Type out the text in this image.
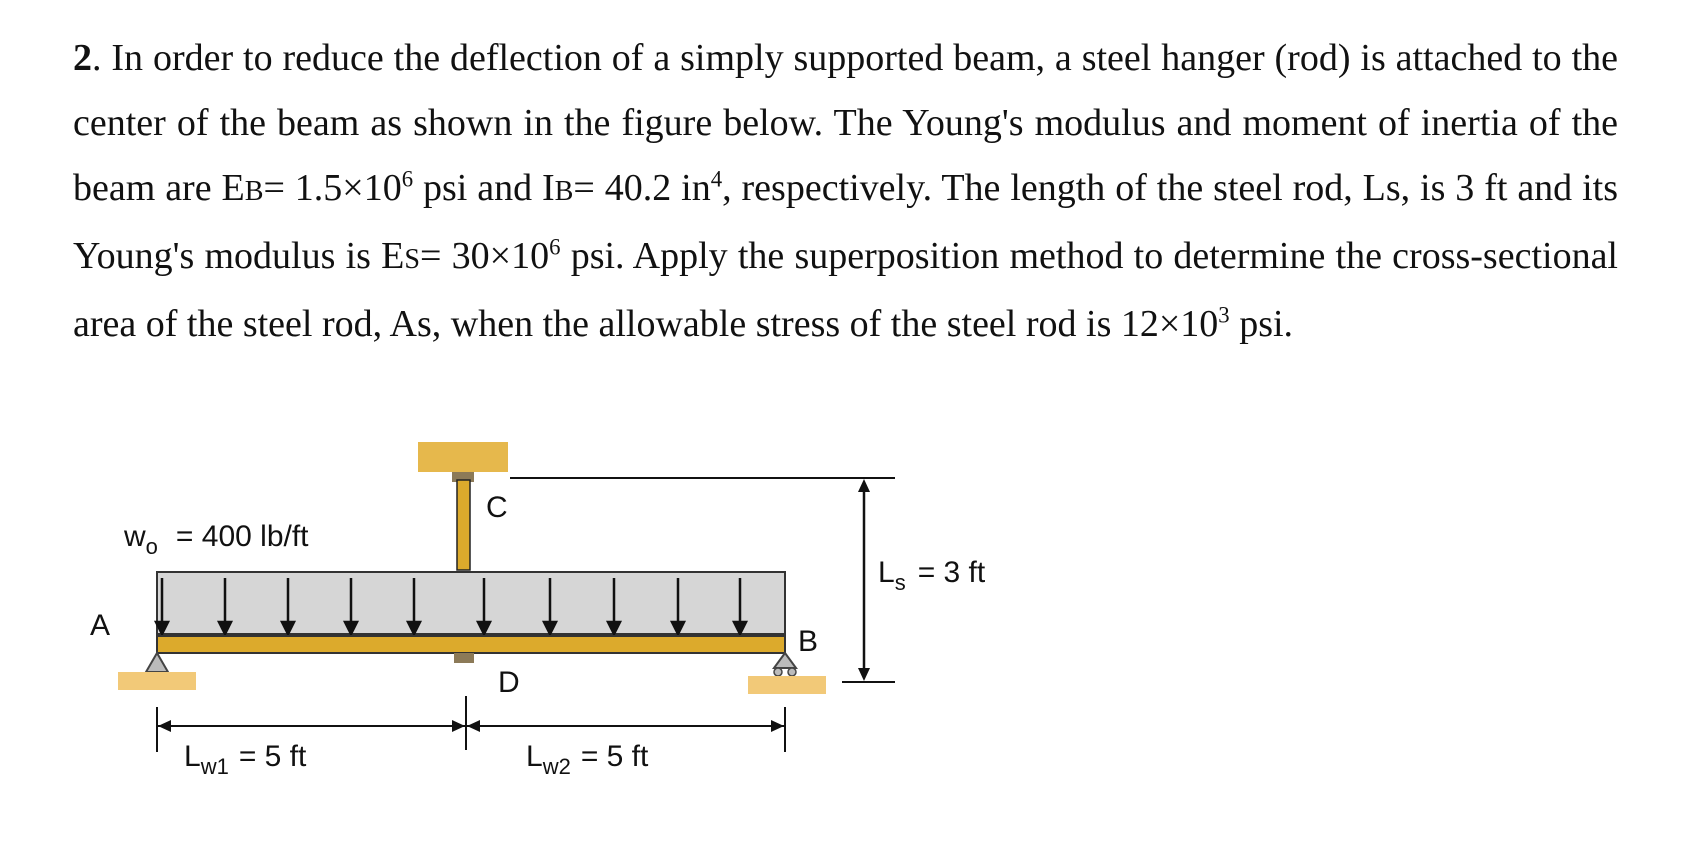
2. In order to reduce the deflection of a simply supported beam, a steel hanger (rod) is attached to the center of the beam as shown in the figure below. The Young's modulus and moment of inertia of the beam are $EB= 1.5\times 10^6$ psi and IB= 40.2 $in^4$, respectively. The length of the steel rod, Ls, is 3 ft and its Young's modulus is $ES= 30\times 10^6$ psi. Apply the superposition method to determine the cross-sectional area of the steel rod, As, when the allowable stress of the steel rod is $12\times 10^3$ psi.

$w_o = 400$ lb/ft
A	B
C
D
$L_s = 3$ ft
$L_{w1} = 5$ ft	$L_{w2} = 5$ ft
